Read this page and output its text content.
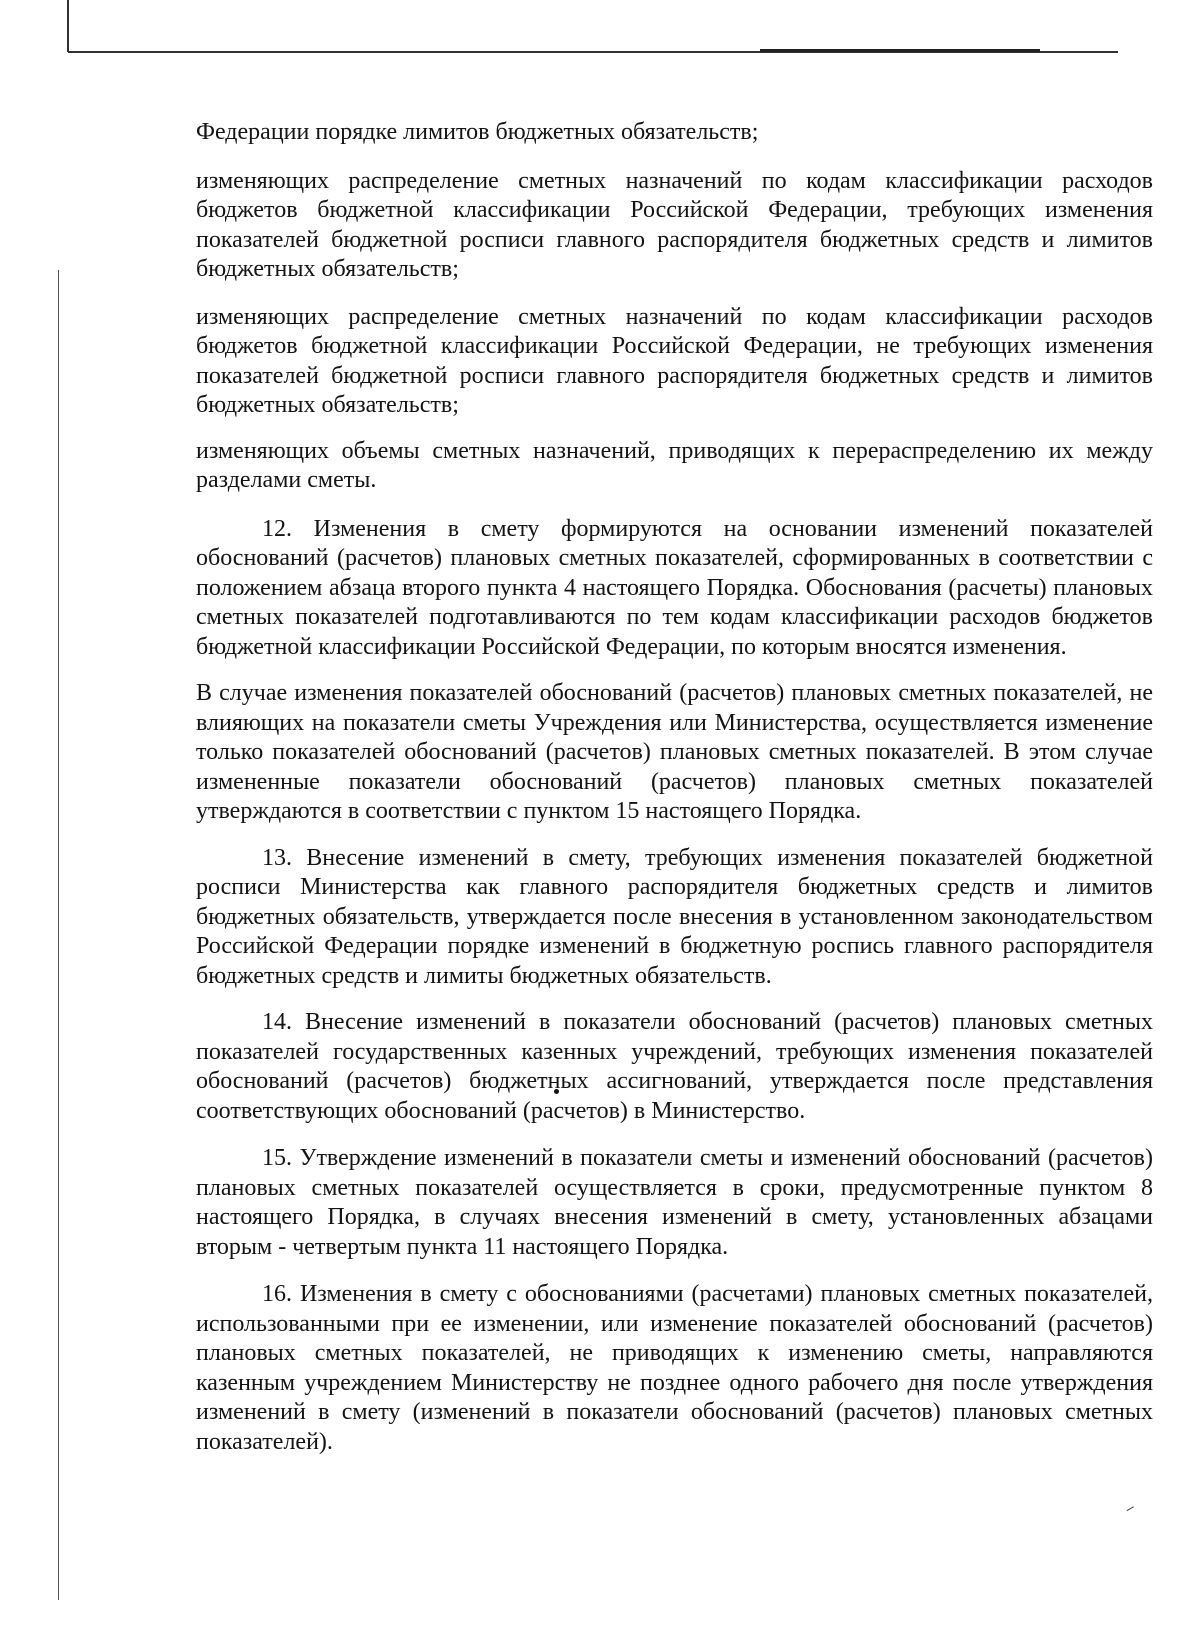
Федерации порядке лимитов бюджетных обязательств;

изменяющих распределение сметных назначений по кодам классификации расходов бюджетов бюджетной классификации Российской Федерации, требующих изменения показателей бюджетной росписи главного распорядителя бюджетных средств и лимитов бюджетных обязательств;

изменяющих распределение сметных назначений по кодам классификации расходов бюджетов бюджетной классификации Российской Федерации, не требующих изменения показателей бюджетной росписи главного распорядителя бюджетных средств и лимитов бюджетных обязательств;

изменяющих объемы сметных назначений, приводящих к перераспределению их между разделами сметы.

12. Изменения в смету формируются на основании изменений показателей обоснований (расчетов) плановых сметных показателей, сформированных в соответствии с положением абзаца второго пункта 4 настоящего Порядка. Обоснования (расчеты) плановых сметных показателей подготавливаются по тем кодам классификации расходов бюджетов бюджетной классификации Российской Федерации, по которым вносятся изменения.

В случае изменения показателей обоснований (расчетов) плановых сметных показателей, не влияющих на показатели сметы Учреждения или Министерства, осуществляется изменение только показателей обоснований (расчетов) плановых сметных показателей. В этом случае измененные показатели обоснований (расчетов) плановых сметных показателей утверждаются в соответствии с пунктом 15 настоящего Порядка.

13. Внесение изменений в смету, требующих изменения показателей бюджетной росписи Министерства как главного распорядителя бюджетных средств и лимитов бюджетных обязательств, утверждается после внесения в установленном законодательством Российской Федерации порядке изменений в бюджетную роспись главного распорядителя бюджетных средств и лимиты бюджетных обязательств.

14. Внесение изменений в показатели обоснований (расчетов) плановых сметных показателей государственных казенных учреждений, требующих изменения показателей обоснований (расчетов) бюджетных ассигнований, утверждается после представления соответствующих обоснований (расчетов) в Министерство.

15. Утверждение изменений в показатели сметы и изменений обоснований (расчетов) плановых сметных показателей осуществляется в сроки, предусмотренные пунктом 8 настоящего Порядка, в случаях внесения изменений в смету, установленных абзацами вторым - четвертым пункта 11 настоящего Порядка.

16. Изменения в смету с обоснованиями (расчетами) плановых сметных показателей, использованными при ее изменении, или изменение показателей обоснований (расчетов) плановых сметных показателей, не приводящих к изменению сметы, направляются казенным учреждением Министерству не позднее одного рабочего дня после утверждения изменений в смету (изменений в показатели обоснований (расчетов) плановых сметных показателей).
